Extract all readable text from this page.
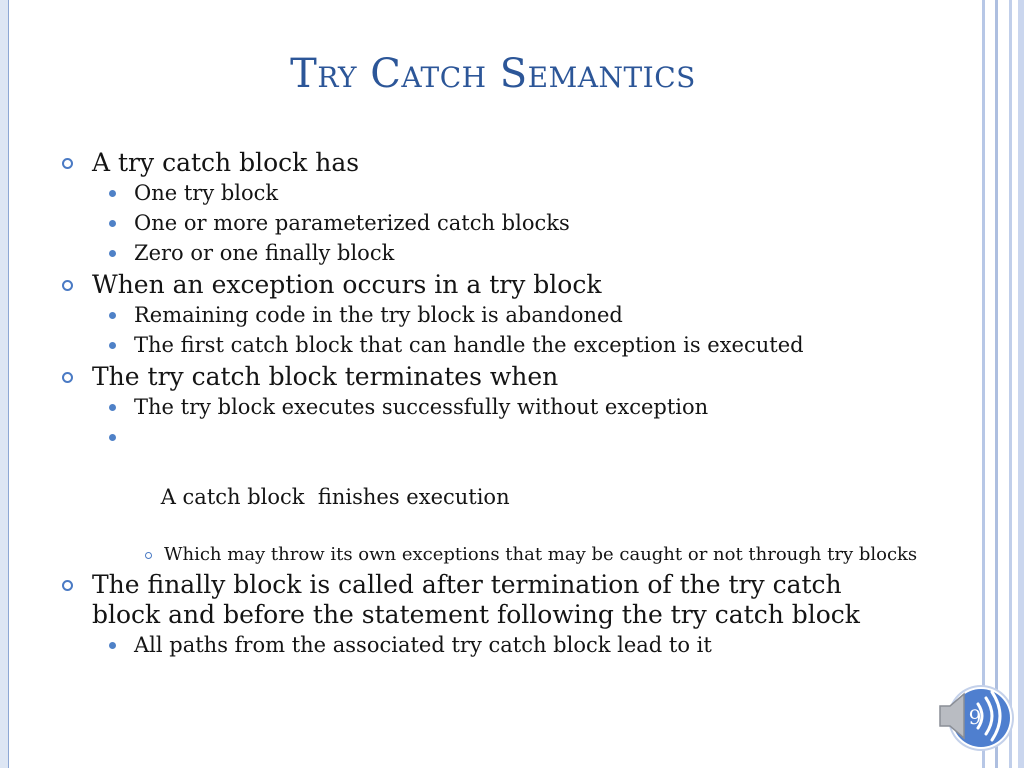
Try Catch Semantics
A try catch block has
One try block
One or more parameterized catch blocks
Zero or one finally block
When an exception occurs in a try block
Remaining code in the try block is abandoned
The first catch block that can handle the exception is executed
The try catch block terminates when
The try block executes successfully without exception

A catch block  finishes execution

Which may throw its own exceptions that may be caught or not through try blocks
The finally block is called after termination of the try catch block and before the statement following the try catch block
All paths from the associated try catch block lead to it
9
